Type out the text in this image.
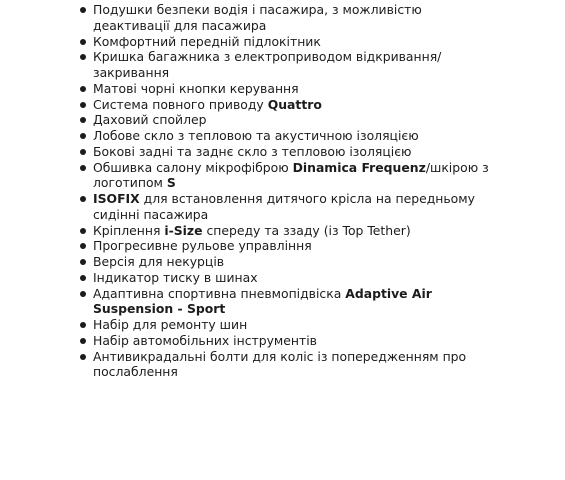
Подушки безпеки водія і пасажира, з можливістю деактивації для пасажира
Комфортний передній підлокітник
Кришка багажника з електроприводом відкривання/закривання
Матові чорні кнопки керування
Система повного приводу Quattro
Даховий спойлер
Лобове скло з тепловою та акустичною ізоляцією
Бокові задні та заднє скло з тепловою ізоляцією
Обшивка салону мікрофіброю Dinamica Frequenz/шкірою з логотипом S
ISOFIX для встановлення дитячого крісла на передньому сидінні пасажира
Кріплення i-Size спереду та ззаду (із Top Tether)
Прогресивне рульове управління
Версія для некурців
Індикатор тиску в шинах
Адаптивна спортивна пневмопідвіска Adaptive Air Suspension - Sport
Набір для ремонту шин
Набір автомобільних інструментів
Антивикрадальні болти для коліс із попередженням про послаблення
